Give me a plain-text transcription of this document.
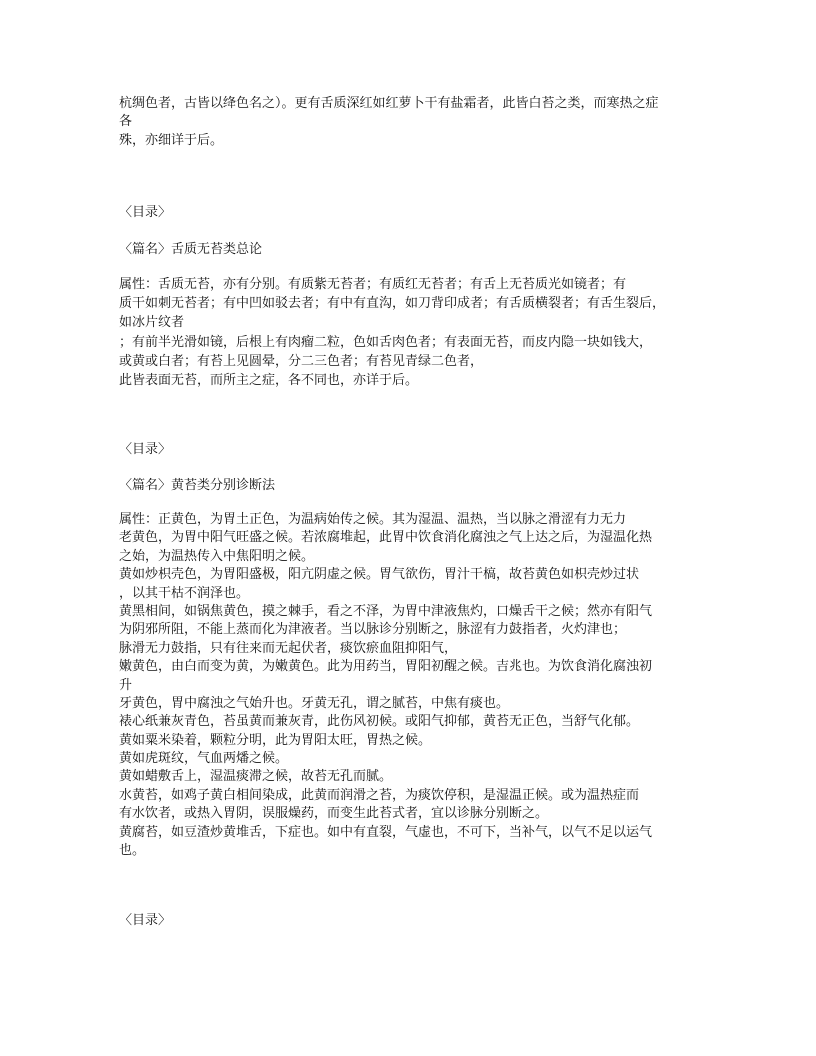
杭绸色者，古皆以绛色名之）。更有舌质深红如红萝卜干有盐霜者，此皆白苔之类，而寒热之症
各
殊，亦细详于后。
〈目录〉
〈篇名〉舌质无苔类总论
属性：舌质无苔，亦有分别。有质紫无苔者；有质红无苔者；有舌上无苔质光如镜者；有
质干如刺无苔者；有中凹如驳去者；有中有直沟，如刀背印成者；有舌质横裂者；有舌生裂后，
如冰片纹者
；有前半光滑如镜，后根上有肉瘤二粒，色如舌肉色者；有表面无苔，而皮内隐一块如钱大，
或黄或白者；有苔上见圆晕，分二三色者；有苔见青绿二色者，
此皆表面无苔，而所主之症，各不同也，亦详于后。
〈目录〉
〈篇名〉黄苔类分别诊断法
属性：正黄色，为胃土正色，为温病始传之候。其为湿温、温热，当以脉之滑涩有力无力
老黄色，为胃中阳气旺盛之候。若浓腐堆起，此胃中饮食消化腐浊之气上达之后，为湿温化热
之始，为温热传入中焦阳明之候。
黄如炒枳壳色，为胃阳盛极，阳亢阴虚之候。胃气欲伤，胃汁干槁，故苔黄色如枳壳炒过状
，以其干枯不润泽也。
黄黑相间，如锅焦黄色，摸之棘手，看之不泽，为胃中津液焦灼，口燥舌干之候；然亦有阳气
为阴邪所阻，不能上蒸而化为津液者。当以脉诊分别断之，脉涩有力鼓指者，火灼津也；
脉滑无力鼓指，只有往来而无起伏者，痰饮瘀血阻抑阳气，
嫩黄色，由白而变为黄，为嫩黄色。此为用药当，胃阳初醒之候。吉兆也。为饮食消化腐浊初
升
牙黄色，胃中腐浊之气始升也。牙黄无孔，谓之腻苔，中焦有痰也。
裱心纸兼灰青色，苔虽黄而兼灰青，此伤风初候。或阳气抑郁，黄苔无正色，当舒气化郁。
黄如粟米染着，颗粒分明，此为胃阳太旺，胃热之候。
黄如虎斑纹，气血两燔之候。
黄如蜡敷舌上，湿温痰滞之候，故苔无孔而腻。
水黄苔，如鸡子黄白相间染成，此黄而润滑之苔，为痰饮停积，是湿温正候。或为温热症而
有水饮者，或热入胃阴，误服燥药，而变生此苔式者，宜以诊脉分别断之。
黄腐苔，如豆渣炒黄堆舌，下症也。如中有直裂，气虚也，不可下，当补气，以气不足以运气
也。
〈目录〉
